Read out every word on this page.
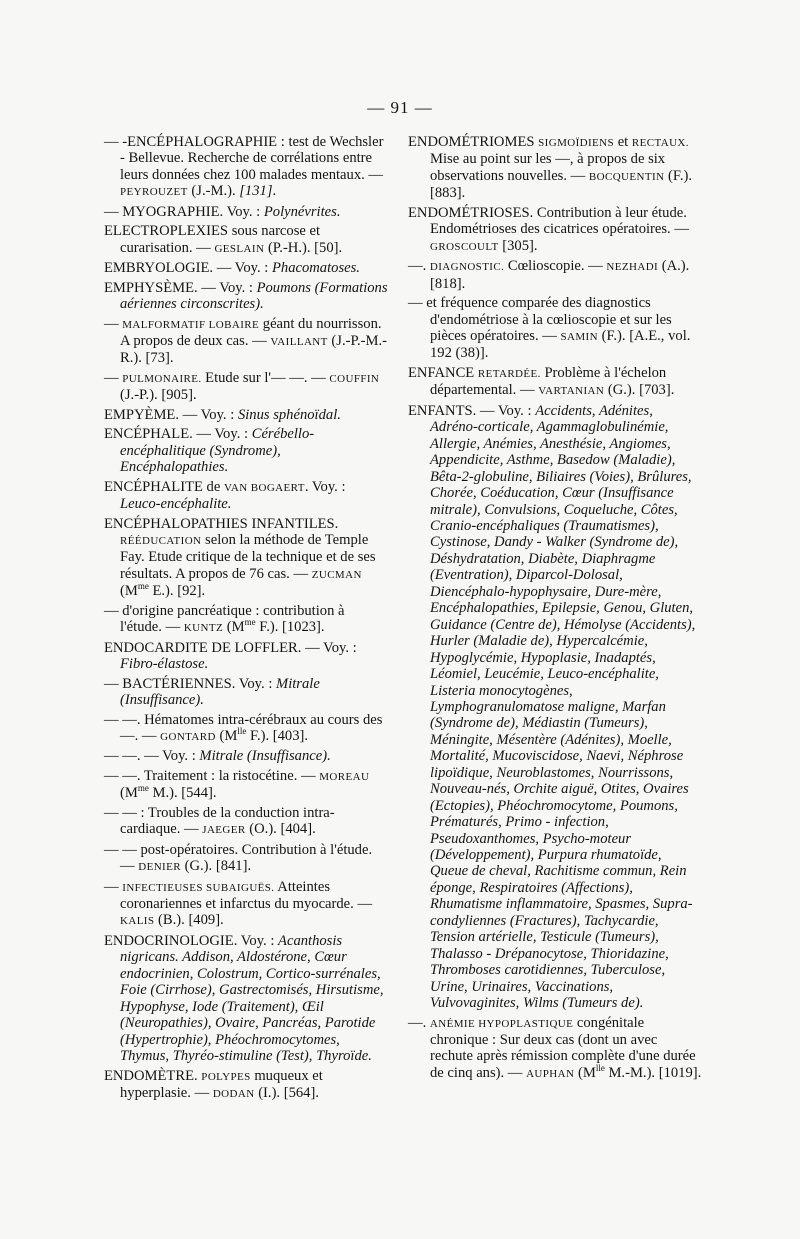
— 91 —
— -ENCÉPHALOGRAPHIE : test de Wechsler - Bellevue. Recherche de corrélations entre leurs données chez 100 malades mentaux. — PEYROUZET (J.-M.). [131].
— MYOGRAPHIE. Voy. : Polynévrites.
ELECTROPLEXIES sous narcose et curarisation. — GESLAIN (P.-H.). [50].
EMBRYOLOGIE. — Voy. : Phacomatoses.
EMPHYSÈME. — Voy. : Poumons (Formations aériennes circonscrites).
— MALFORMATIF LOBAIRE géant du nourrisson. A propos de deux cas. — VAILLANT (J.-P.-M.-R.). [73].
— PULMONAIRE. Etude sur l'— —. — COUFFIN (J.-P.). [905].
EMPYÈME. — Voy. : Sinus sphénoïdal.
ENCÉPHALE. — Voy. : Cérébello-encéphalitique (Syndrome), Encéphalopathies.
ENCÉPHALITE de VAN BOGAERT. Voy. : Leuco-encéphalite.
ENCÉPHALOPATHIES INFANTILES. RÉÉDUCATION selon la méthode de Temple Fay. Etude critique de la technique et de ses résultats. A propos de 76 cas. — ZUCMAN ($M^{me}$ E.). [92].
— d'origine pancréatique : contribution à l'étude. — KUNTZ ($M^{me}$ F.). [1023].
ENDOCARDITE DE LOFFLER. — Voy. : Fibro-élastose.
— BACTÉRIENNES. Voy. : Mitrale (Insuffisance).
— —. Hématomes intra-cérébraux au cours des —. — GONTARD ($M^{lle}$ F.). [403].
— —. — Voy. : Mitrale (Insuffisance).
— —. Traitement : la ristocétine. — MOREAU ($M^{me}$ M.). [544].
— — : Troubles de la conduction intra-cardiaque. — JAEGER (O.). [404].
— — post-opératoires. Contribution à l'étude. — DENIER (G.). [841].
— INFECTIEUSES SUBAIGUËS. Atteintes coronariennes et infarctus du myocarde. — KALIS (B.). [409].
ENDOCRINOLOGIE. Voy. : Acanthosis nigricans. Addison, Aldostérone, Cœur endocrinien, Colostrum, Cortico-surrénales, Foie (Cirrhose), Gastrectomisés, Hirsutisme, Hypophyse, Iode (Traitement), Œil (Neuropathies), Ovaire, Pancréas, Parotide (Hypertrophie), Phéochromocytomes, Thymus, Thyréo-stimuline (Test), Thyroïde.
ENDOMÈTRE. POLYPES muqueux et hyperplasie. — DODAN (I.). [564].
ENDOMÉTRIOMES SIGMOÏDIENS et RECTAUX. Mise au point sur les —, à propos de six observations nouvelles. — BOCQUENTIN (F.). [883].
ENDOMÉTRIOSES. Contribution à leur étude. Endométrioses des cicatrices opératoires. — GROSCOULT [305].
—. DIAGNOSTIC. Cœlioscopie. — NEZHADI (A.). [818].
— et fréquence comparée des diagnostics d'endométriose à la cœlioscopie et sur les pièces opératoires. — SAMIN (F.). [A.E., vol. 192 (38)].
ENFANCE RETARDÉE. Problème à l'échelon départemental. — VARTANIAN (G.). [703].
ENFANTS. — Voy. : Accidents, Adénites, Adréno-corticale, Agammaglobulinémie, Allergie, Anémies, Anesthésie, Angiomes, Appendicite, Asthme, Basedow (Maladie), Bêta-2-globuline, Biliaires (Voies), Brûlures, Chorée, Coéducation, Cœur (Insuffisance mitrale), Convulsions, Coqueluche, Côtes, Cranio-encéphaliques (Traumatismes), Cystinose, Dandy - Walker (Syndrome de), Déshydratation, Diabète, Diaphragme (Eventration), Diparcol-Dolosal, Diencéphalo-hypophysaire, Dure-mère, Encéphalopathies, Epilepsie, Genou, Gluten, Guidance (Centre de), Hémolyse (Accidents), Hurler (Maladie de), Hypercalcémie, Hypoglycémie, Hypoplasie, Inadaptés, Léomiel, Leucémie, Leuco-encéphalite, Listeria monocytogènes, Lymphogranulomatose maligne, Marfan (Syndrome de), Médiastin (Tumeurs), Méningite, Mésentère (Adénites), Moelle, Mortalité, Mucoviscidose, Naevi, Néphrose lipoïdique, Neuroblastomes, Nourrissons, Nouveau-nés, Orchite aiguë, Otites, Ovaires (Ectopies), Phéochromocytome, Poumons, Prématurés, Primo - infection, Pseudoxanthomes, Psycho-moteur (Développement), Purpura rhumatoïde, Queue de cheval, Rachitisme commun, Rein éponge, Respiratoires (Affections), Rhumatisme inflammatoire, Spasmes, Supra-condyliennes (Fractures), Tachycardie, Tension artérielle, Testicule (Tumeurs), Thalasso - Drépanocytose, Thioridazine, Thromboses carotidiennes, Tuberculose, Urine, Urinaires, Vaccinations, Vulvovaginites, Wilms (Tumeurs de).
—. ANÉMIE HYPOPLASTIQUE congénitale chronique : Sur deux cas (dont un avec rechute après rémission complète d'une durée de cinq ans). — AUPHAN ($M^{lle}$ M.-M.). [1019].
